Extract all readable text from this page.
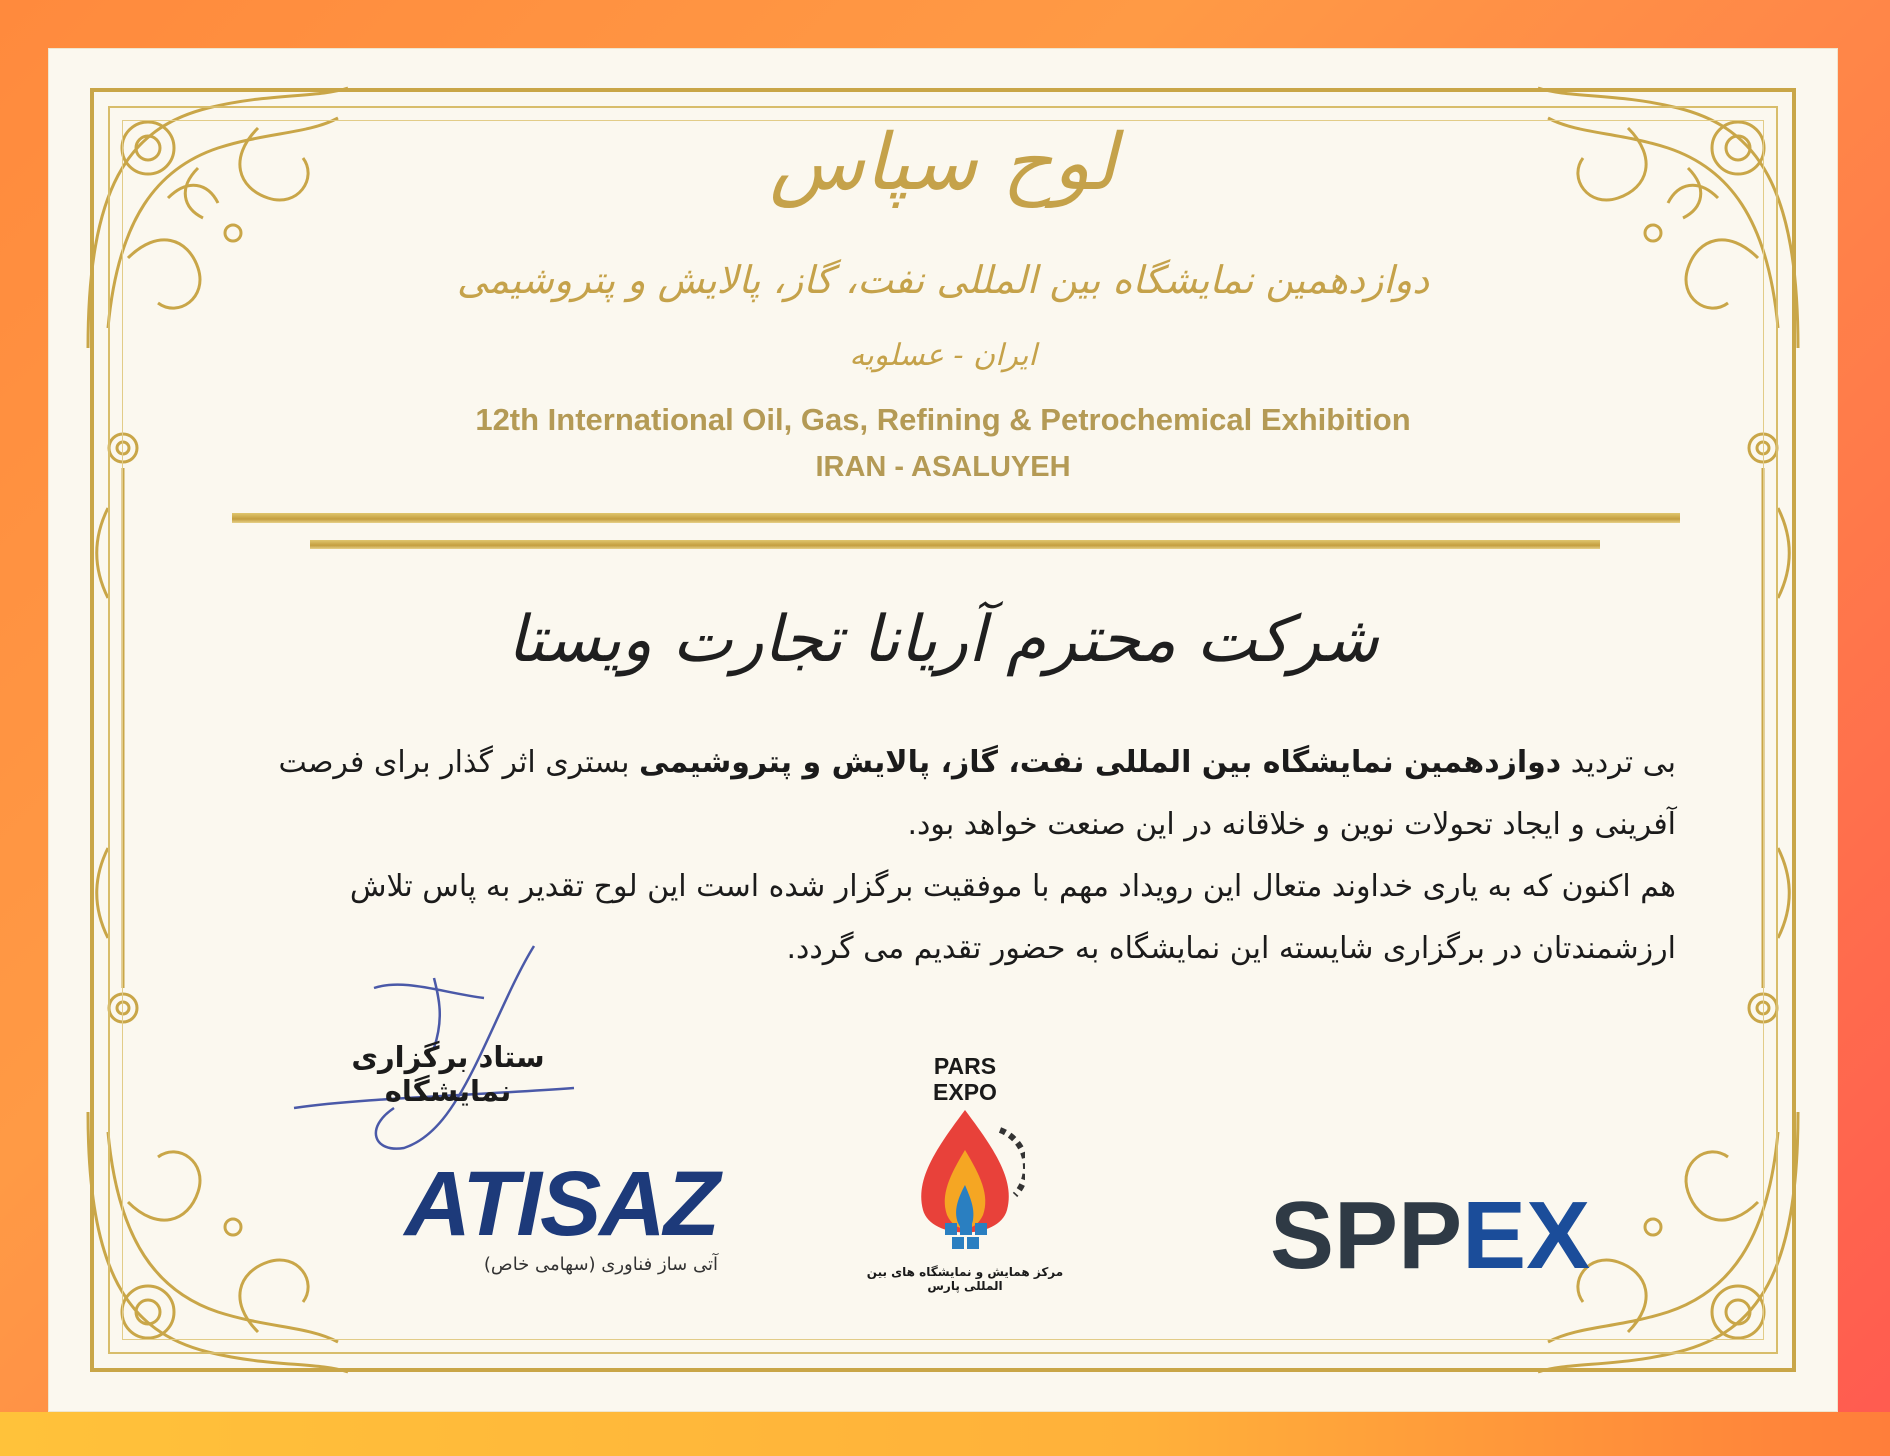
لوح سپاس
دوازدهمین نمایشگاه بین المللی نفت، گاز، پالایش و پتروشیمی
ایران - عسلویه
12th International Oil, Gas, Refining & Petrochemical Exhibition
IRAN - ASALUYEH
شرکت محترم آریانا تجارت ویستا

بی تردید دوازدهمین نمایشگاه بین المللی نفت، گاز، پالایش و پتروشیمی بستری اثر گذار برای فرصت آفرینی و ایجاد تحولات نوین و خلاقانه در این صنعت خواهد بود.

هم اکنون که به یاری خداوند متعال این رویداد مهم با موفقیت برگزار شده است این لوح تقدیر به پاس تلاش ارزشمندتان در برگزاری شایسته این نمایشگاه به حضور تقدیم می گردد.

ستاد برگزاری نمایشگاه
ATISAZ
آتی ساز فناوری (سهامی خاص)
PARS
EXPO
مرکز همایش و نمایشگاه های بین المللی پارس	SPPEX
